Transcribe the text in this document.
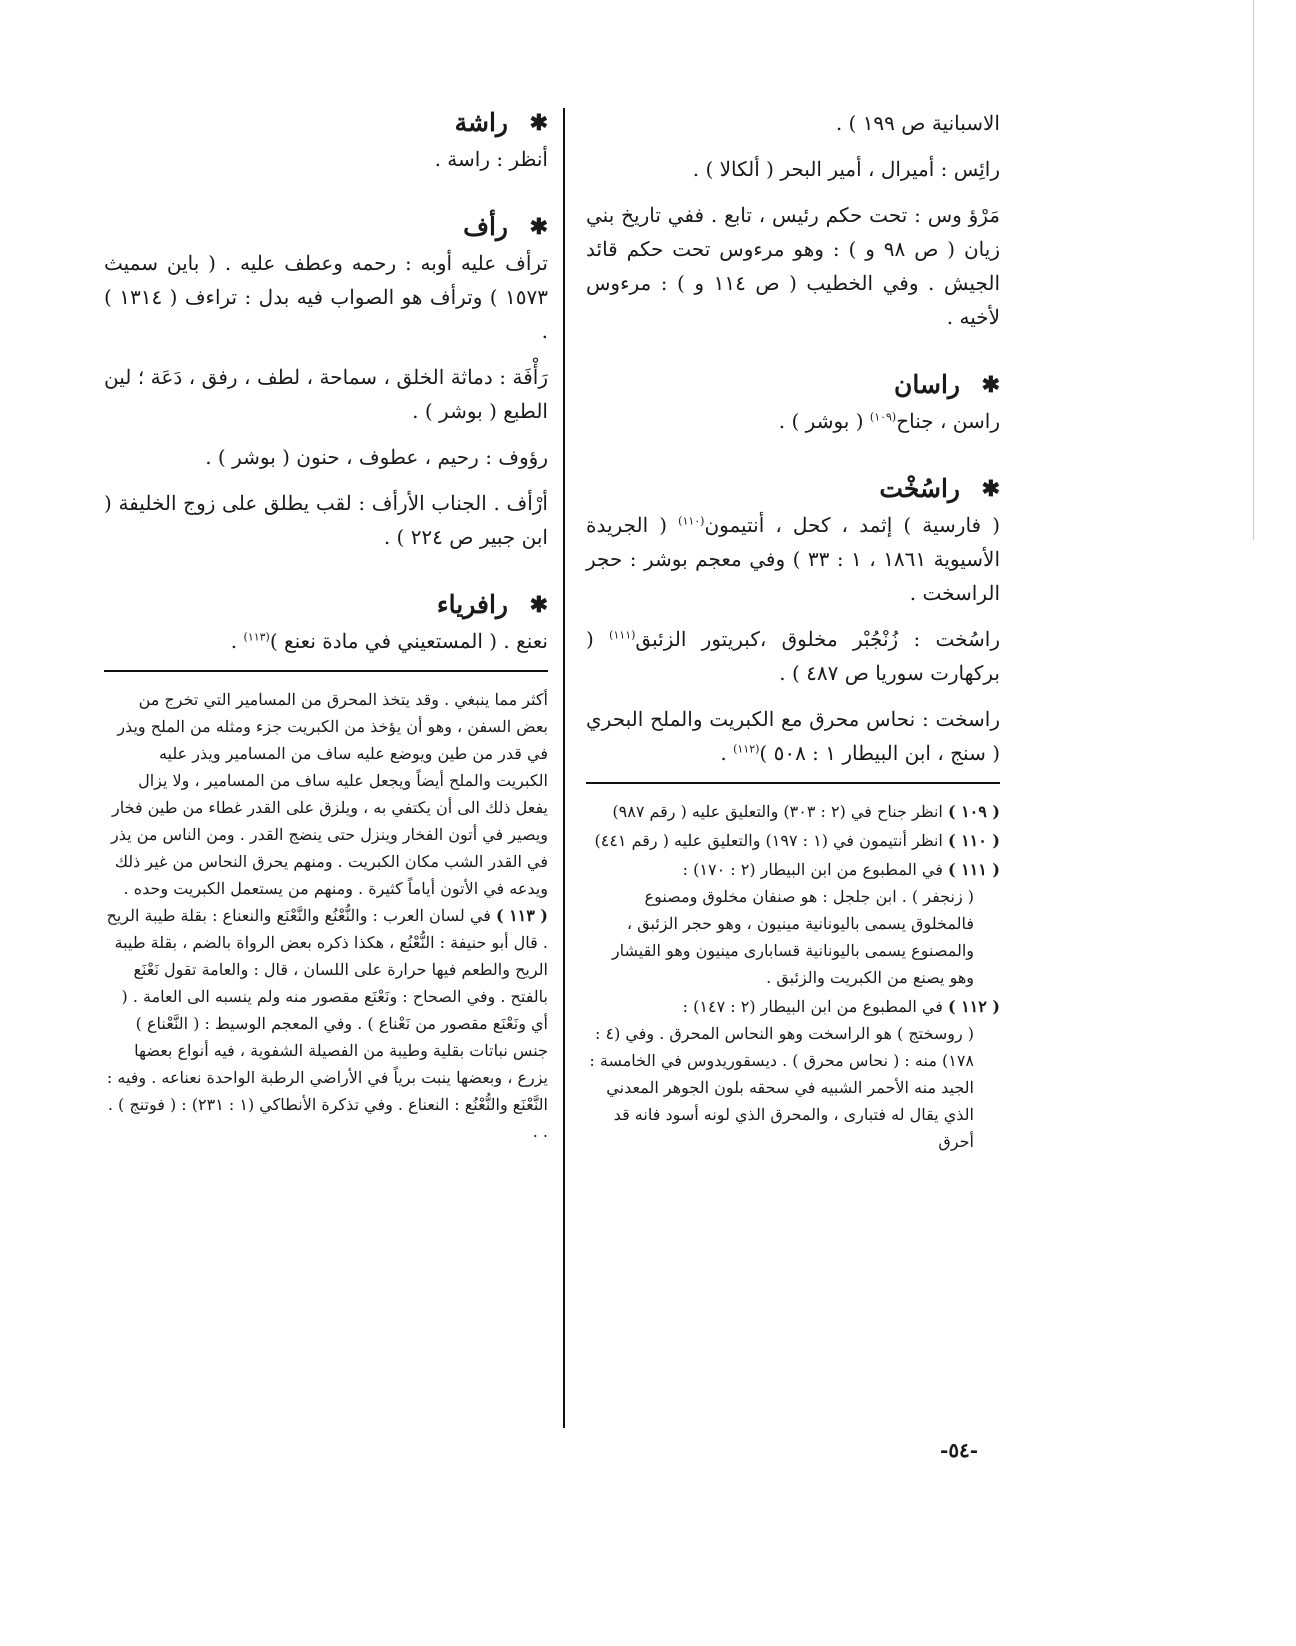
الاسبانية ص ١٩٩ ) .

رائِس : أميرال ، أمير البحر ( ألكالا ) .

مَرْؤ وس : تحت حكم رئيس ، تابع . ففي تاريخ بني زيان ( ص ٩٨ و ) : وهو مرءوس تحت حكم قائد الجيش . وفي الخطيب ( ص ١١٤ و ) : مرءوس لأخيه .

✱
راسان

راسن ، جناح$^{(١٠٩)}$ ( بوشر ) .

✱
راسُخْت

( فارسية ) إثمد ، كحل ، أنتيمون$^{(١١٠)}$ ( الجريدة الأسيوية ١٨٦١ ، ١ : ٣٣ ) وفي معجم بوشر : حجر الراسخت .

راسُخت : زُنْجُبْر مخلوق ،كبريتور الزئبق$^{(١١١)}$ ( بركهارت سوريا ص ٤٨٧ ) .

راسخت : نحاس محرق مع الكبريت والملح البحري ( سنج ، ابن البيطار ١ : ٥٠٨ )$^{(١١٢)}$ .

( ١٠٩ ) انظر جناح في (٢ : ٣٠٣) والتعليق عليه ( رقم ٩٨٧)

( ١١٠ ) انظر أنتيمون في (١ : ١٩٧) والتعليق عليه ( رقم ٤٤١)

( ١١١ ) في المطبوع من ابن البيطار (٢ : ١٧٠) :
( زنجفر ) . ابن جلجل : هو صنفان مخلوق ومصنوع فالمخلوق يسمى باليونانية مينيون ، وهو حجر الزئبق ، والمصنوع يسمى باليونانية قسابارى مينيون وهو القيشار وهو يصنع من الكبريت والزئبق .

( ١١٢ ) في المطبوع من ابن البيطار (٢ : ١٤٧) :
( روسختج ) هو الراسخت وهو النحاس المحرق . وفي (٤ : ١٧٨) منه : ( نحاس محرق ) . ديسقوريدوس في الخامسة : الجيد منه الأحمر الشبيه في سحقه بلون الجوهر المعدني الذي يقال له فتبارى ، والمحرق الذي لونه أسود فانه قد أحرق

✱
راشة

أنظر : راسة .

✱
رأف

ترأف عليه أوبه : رحمه وعطف عليه . ( باين سميث ١٥٧٣ ) وترأف هو الصواب فيه بدل : تراءف ( ١٣١٤ ) .

رَأْفَة : دماثة الخلق ، سماحة ، لطف ، رفق ، دَعَة ؛ لين الطبع ( بوشر ) .

رؤوف : رحيم ، عطوف ، حنون ( بوشر ) .

أرْأف . الجناب الأرأف : لقب يطلق على زوج الخليفة ( ابن جبير ص ٢٢٤ ) .

✱
رافرياء

نعنع . ( المستعيني في مادة نعنع )$^{(١١٣)}$ .

أكثر مما ينبغي . وقد يتخذ المحرق من المسامير التي تخرج من بعض السفن ، وهو أن يؤخذ من الكبريت جزء ومثله من الملح ويذر في قدر من طين ويوضع عليه ساف من المسامير ويذر عليه الكبريت والملح أيضاً ويجعل عليه ساف من المسامير ، ولا يزال يفعل ذلك الى أن يكتفي به ، ويلزق على القدر غطاء من طين فخار ويصير في أتون الفخار وينزل حتى ينضج القدر . ومن الناس من يذر في القدر الشب مكان الكبريت . ومنهم يحرق النحاس من غير ذلك ويدعه في الأتون أياماً كثيرة . ومنهم من يستعمل الكبريت وحده .

( ١١٣ ) في لسان العرب : والنُّعْنُع والنَّعْنَع والنعناع : بقلة طيبة الريح . قال أبو حنيفة : النُّعْنُع ، هكذا ذكره بعض الرواة بالضم ، بقلة طيبة الريح والطعم فيها حرارة على اللسان ، قال : والعامة تقول نَعْنَع بالفتح . وفي الصحاح : ونَعْنَع مقصور منه ولم ينسبه الى العامة . ( أي ونَعْنَع مقصور من نَعْناع ) . وفي المعجم الوسيط : ( النَّعْناع ) جنس نباتات بقلية وطيبة من الفصيلة الشفوية ، فيه أنواع بعضها يزرع ، وبعضها ينبت برياً في الأراضي الرطبة الواحدة نعناعه . وفيه : النَّعْنَع والنُّعْنُع : النعناع . وفي تذكرة الأنطاكي (١ : ٢٣١) : ( فوتنج ) . . .

-٥٤-
